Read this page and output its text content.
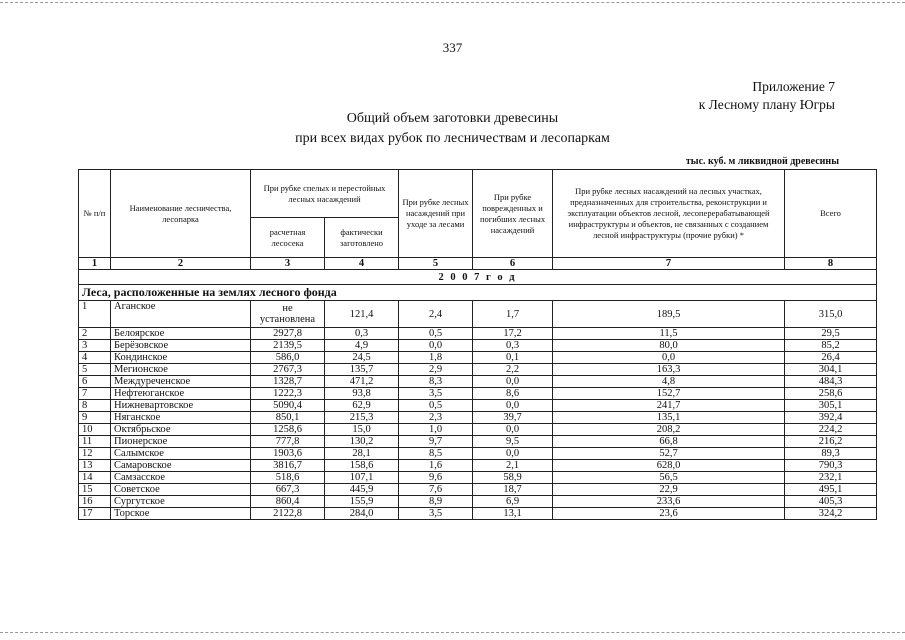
337
Приложение 7
к Лесному плану Югры
Общий объем заготовки древесины
при всех видах рубок по лесничествам и лесопаркам
тыс. куб. м ликвидной древесины
№ п/п	Наименование лесничества, лесопарка	При рубке спелых и перестойных лесных насаждений		При рубке лесных насаждений при уходе за лесами	При рубке поврежденных и погибших лесных насаждений	При рубке лесных насаждений на лесных участках, предназначенных для строительства, реконструкции и эксплуатации объектов лесной, лесоперерабатывающей инфраструктуры и объектов, не связанных с созданием лесной инфраструктуры (прочие рубки) *	Всего
		расчетная лесосека	фактически заготовлено				
1	2	3	4	5	6	7	8
2 0 0 7 г о д							
Леса, расположенные на землях лесного фонда							
1	Аганское	не установлена	121,4	2,4	1,7	189,5	315,0
2	Белоярское	2927,8	0,3	0,5	17,2	11,5	29,5
3	Берёзовское	2139,5	4,9	0,0	0,3	80,0	85,2
4	Кондинское	586,0	24,5	1,8	0,1	0,0	26,4
5	Мегионское	2767,3	135,7	2,9	2,2	163,3	304,1
6	Междуреченское	1328,7	471,2	8,3	0,0	4,8	484,3
7	Нефтеюганское	1222,3	93,8	3,5	8,6	152,7	258,6
8	Нижневартовское	5090,4	62,9	0,5	0,0	241,7	305,1
9	Няганское	850,1	215,3	2,3	39,7	135,1	392,4
10	Октябрьское	1258,6	15,0	1,0	0,0	208,2	224,2
11	Пионерское	777,8	130,2	9,7	9,5	66,8	216,2
12	Салымское	1903,6	28,1	8,5	0,0	52,7	89,3
13	Самаровское	3816,7	158,6	1,6	2,1	628,0	790,3
14	Самзасское	518,6	107,1	9,6	58,9	56,5	232,1
15	Советское	667,3	445,9	7,6	18,7	22,9	495,1
16	Сургутское	860,4	155,9	8,9	6,9	233,6	405,3
17	Торское	2122,8	284,0	3,5	13,1	23,6	324,2
